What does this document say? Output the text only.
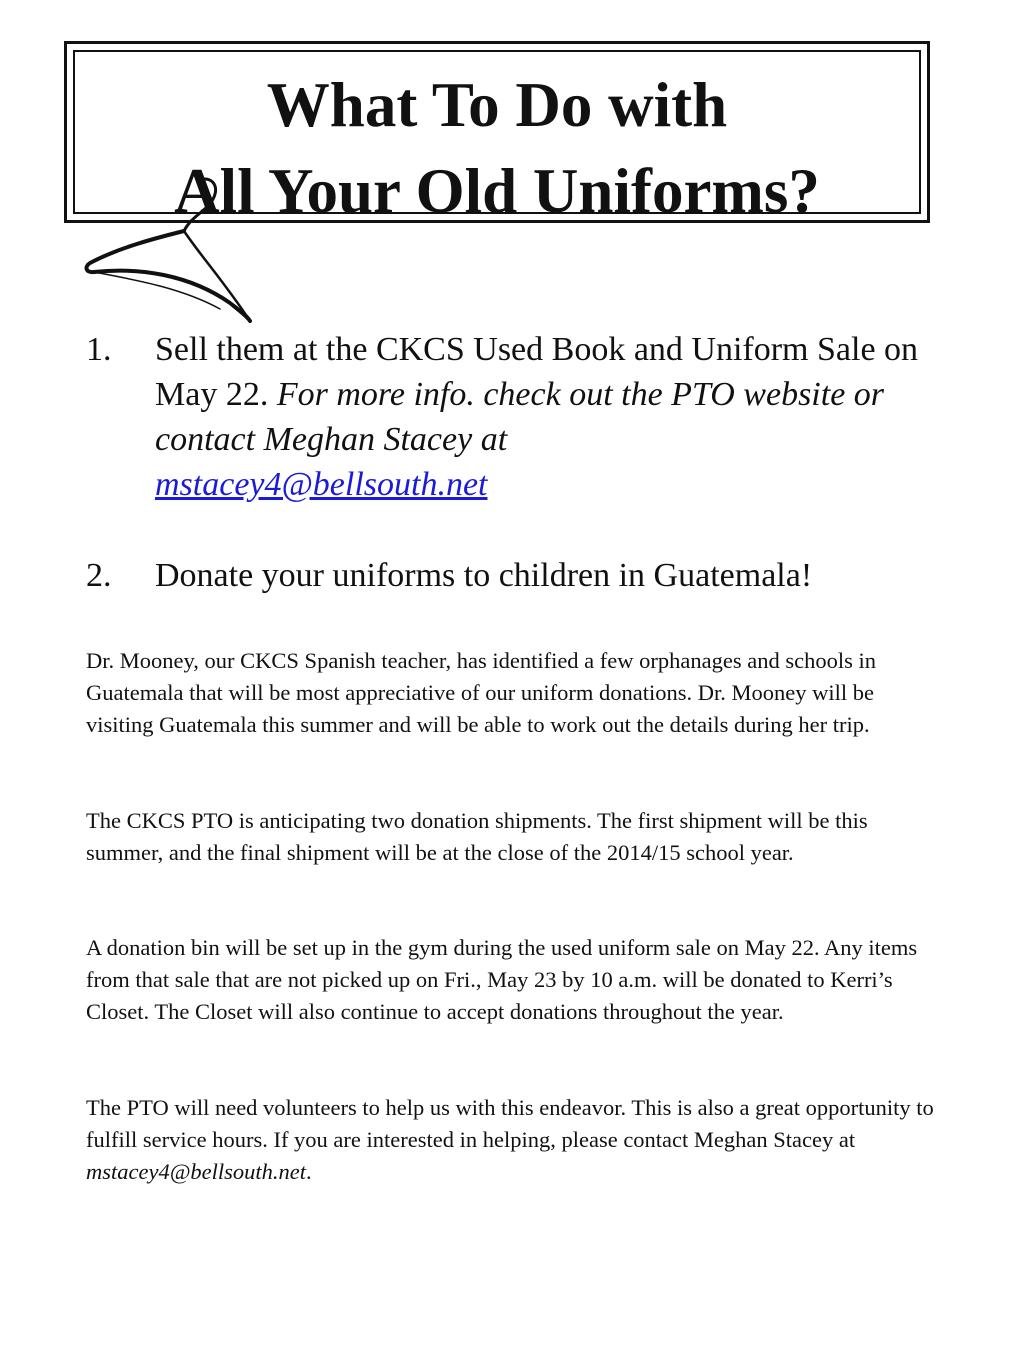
What To Do with
All Your Old Uniforms?
1. Sell them at the CKCS Used Book and Uniform Sale on May 22. For more info. check out the PTO website or contact Meghan Stacey at
mstacey4@bellsouth.net
2. Donate your uniforms to children in Guatemala!

Dr. Mooney, our CKCS Spanish teacher, has identified a few orphanages and schools in Guatemala that will be most appreciative of our uniform donations. Dr. Mooney will be visiting Guatemala this summer and will be able to work out the details during her trip.

The CKCS PTO is anticipating two donation shipments. The first shipment will be this summer, and the final shipment will be at the close of the 2014/15 school year.

A donation bin will be set up in the gym during the used uniform sale on May 22. Any items from that sale that are not picked up on Fri., May 23 by 10 a.m. will be donated to Kerri’s Closet. The Closet will also continue to accept donations throughout the year.

The PTO will need volunteers to help us with this endeavor. This is also a great opportunity to fulfill service hours. If you are interested in helping, please contact Meghan Stacey at mstacey4@bellsouth.net.
